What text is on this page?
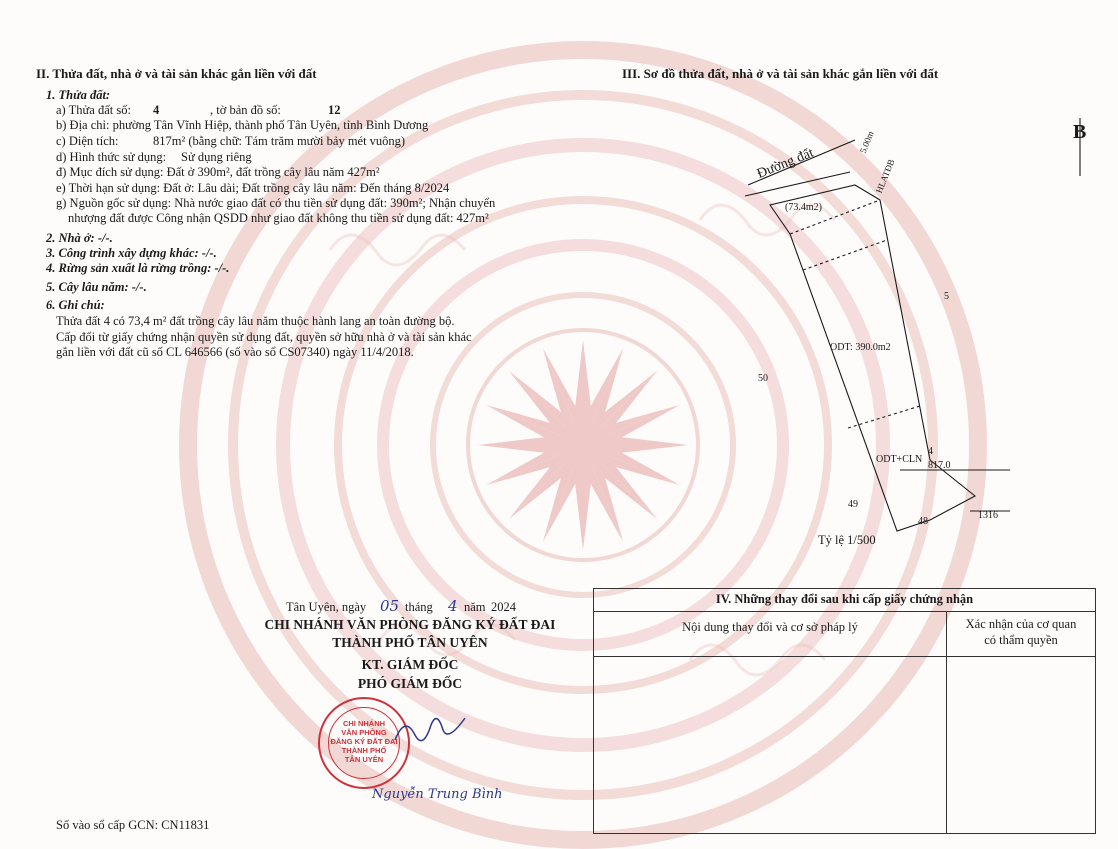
II. Thửa đất, nhà ở và tài sản khác gắn liền với đất
1. Thửa đất:
a) Thửa đất số: 4	, tờ bản đồ số:	12
b) Địa chỉ: phường Tân Vĩnh Hiệp, thành phố Tân Uyên, tỉnh Bình Dương
c) Diện tích:	817m² (bằng chữ: Tám trăm mười bảy mét vuông)
d) Hình thức sử dụng: Sử dụng riêng
đ) Mục đích sử dụng: Đất ở 390m², đất trồng cây lâu năm 427m²
e) Thời hạn sử dụng: Đất ở: Lâu dài; Đất trồng cây lâu năm: Đến tháng 8/2024
g) Nguồn gốc sử dụng: Nhà nước giao đất có thu tiền sử dụng đất: 390m²; Nhận chuyển
nhượng đất được Công nhận QSDD như giao đất không thu tiền sử dụng đất: 427m²
2. Nhà ở: -/-.
3. Công trình xây dựng khác: -/-.
4. Rừng sản xuất là rừng trồng: -/-.
5. Cây lâu năm: -/-.
6. Ghi chú:
Thửa đất 4 có 73,4 m² đất trồng cây lâu năm thuộc hành lang an toàn đường bộ.
Cấp đổi từ giấy chứng nhận quyền sử dụng đất, quyền sở hữu nhà ở và tài sản khác
gắn liền với đất cũ số CL 646566 (số vào sổ CS07340) ngày 11/4/2018.
III. Sơ đồ thửa đất, nhà ở và tài sản khác gắn liền với đất
B
Đường đất
5.00m
HLATĐB
(73.4m2)
ODT: 390.0m2
ODT+CLN
4
817.0
5
50
49
48
1316
Tỷ lệ 1/500
Tân Uyên, ngày 05 tháng 4 năm 2024
CHI NHÁNH VĂN PHÒNG ĐĂNG KÝ ĐẤT ĐAI
THÀNH PHỐ TÂN UYÊN
KT. GIÁM ĐỐC
PHÓ GIÁM ĐỐC
CHI NHÁNH
VĂN PHÒNG
ĐĂNG KÝ ĐẤT ĐAI
THÀNH PHỐ
TÂN UYÊN
Nguyễn Trung Bình
IV. Những thay đổi sau khi cấp giấy chứng nhận
Nội dung thay đổi và cơ sở pháp lý	Xác nhận của cơ quan
có thẩm quyền
Số vào sổ cấp GCN: CN11831
